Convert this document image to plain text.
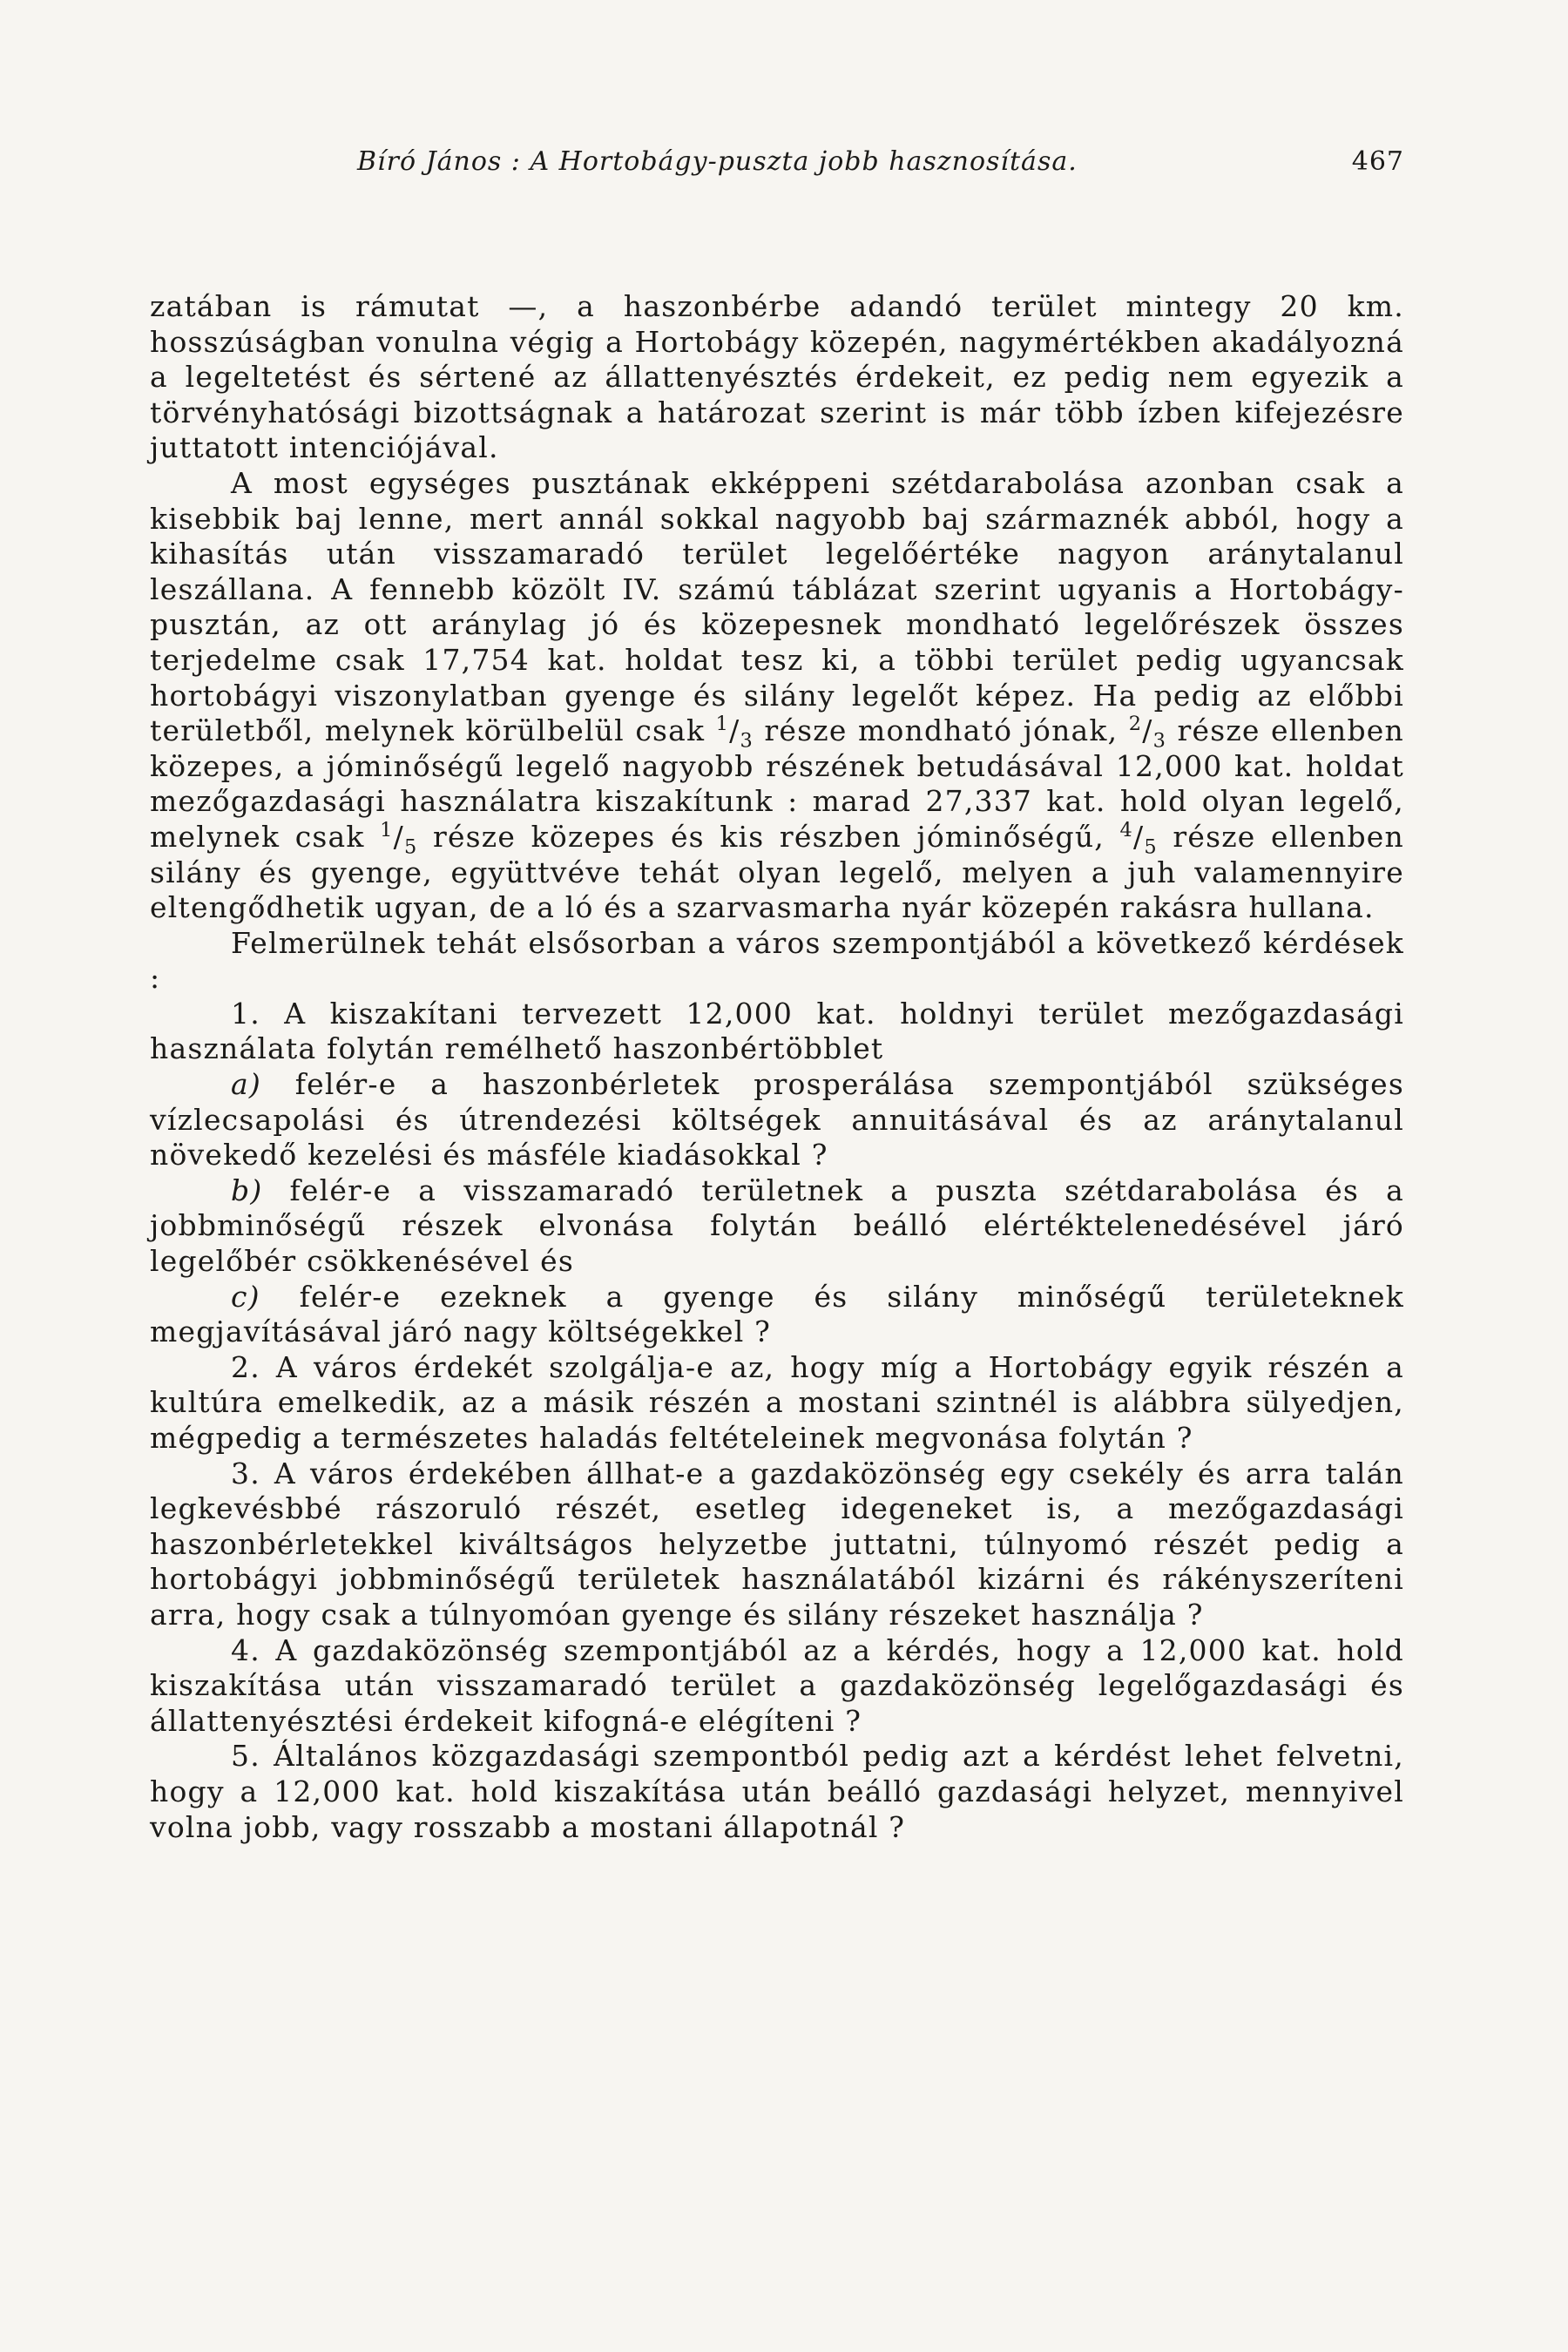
Bíró János : A Hortobágy-puszta jobb hasznosítása.	467

zatában is rámutat —, a haszonbérbe adandó terület mintegy 20 km. hosszúságban vonulna végig a Hortobágy közepén, nagymértékben akadályozná a legeltetést és sértené az állattenyésztés érdekeit, ez pedig nem egyezik a törvényhatósági bizottságnak a határozat szerint is már több ízben kifejezésre juttatott intenciójával.

A most egységes pusztának ekképpeni szétdarabolása azonban csak a kisebbik baj lenne, mert annál sokkal nagyobb baj származnék abból, hogy a kihasítás után visszamaradó terület legelőértéke nagyon aránytalanul leszállana. A fennebb közölt IV. számú táblázat szerint ugyanis a Hortobágy-pusztán, az ott aránylag jó és közepesnek mondható legelőrészek összes terjedelme csak 17,754 kat. holdat tesz ki, a többi terület pedig ugyancsak hortobágyi viszonylatban gyenge és silány legelőt képez. Ha pedig az előbbi területből, melynek körülbelül csak $^1/_3$ része mondható jónak, $^2/_3$ része ellenben közepes, a jóminőségű legelő nagyobb részének betudásával 12,000 kat. holdat mezőgazdasági használatra kiszakítunk : marad 27,337 kat. hold olyan legelő, melynek csak $^1/_5$ része közepes és kis részben jóminőségű, $^4/_5$ része ellenben silány és gyenge, együttvéve tehát olyan legelő, melyen a juh valamennyire eltengődhetik ugyan, de a ló és a szarvasmarha nyár közepén rakásra hullana.

Felmerülnek tehát elsősorban a város szempontjából a következő kérdések :

1. A kiszakítani tervezett 12,000 kat. holdnyi terület mezőgazdasági használata folytán remélhető haszonbértöbblet

a) felér-e a haszonbérletek prosperálása szempontjából szükséges vízlecsapolási és útrendezési költségek annuitásával és az aránytalanul növekedő kezelési és másféle kiadásokkal ?

b) felér-e a visszamaradó területnek a puszta szétdarabolása és a jobbminőségű részek elvonása folytán beálló elértéktelenedésével járó legelőbér csökkenésével és

c) felér-e ezeknek a gyenge és silány minőségű területeknek megjavításával járó nagy költségekkel ?

2. A város érdekét szolgálja-e az, hogy míg a Hortobágy egyik részén a kultúra emelkedik, az a másik részén a mostani szintnél is alábbra sülyedjen, mégpedig a természetes haladás feltételeinek megvonása folytán ?

3. A város érdekében állhat-e a gazdaközönség egy csekély és arra talán legkevésbbé rászoruló részét, esetleg idegeneket is, a mezőgazdasági haszonbérletekkel kiváltságos helyzetbe juttatni, túlnyomó részét pedig a hortobágyi jobbminőségű területek használatából kizárni és rákényszeríteni arra, hogy csak a túlnyomóan gyenge és silány részeket használja ?

4. A gazdaközönség szempontjából az a kérdés, hogy a 12,000 kat. hold kiszakítása után visszamaradó terület a gazdaközönség legelőgazdasági és állattenyésztési érdekeit kifogná-e elégíteni ?

5. Általános közgazdasági szempontból pedig azt a kérdést lehet felvetni, hogy a 12,000 kat. hold kiszakítása után beálló gazdasági helyzet, mennyivel volna jobb, vagy rosszabb a mostani állapotnál ?
